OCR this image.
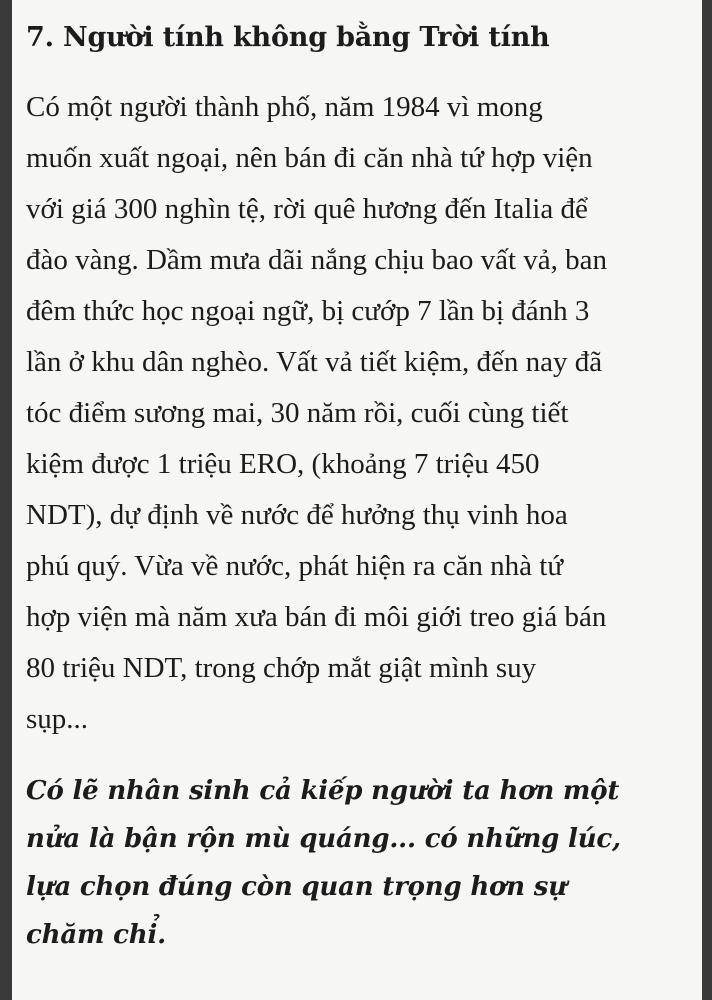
7. Người tính không bằng Trời tính
Có một người thành phố, năm 1984 vì mong
muốn xuất ngoại, nên bán đi căn nhà tứ hợp viện
với giá 300 nghìn tệ, rời quê hương đến Italia để
đào vàng. Dầm mưa dãi nắng chịu bao vất vả, ban
đêm thức học ngoại ngữ, bị cướp 7 lần bị đánh 3
lần ở khu dân nghèo. Vất vả tiết kiệm, đến nay đã
tóc điểm sương mai, 30 năm rồi, cuối cùng tiết
kiệm được 1 triệu ERO, (khoảng 7 triệu 450
NDT), dự định về nước để hưởng thụ vinh hoa
phú quý. Vừa về nước, phát hiện ra căn nhà tứ
hợp viện mà năm xưa bán đi môi giới treo giá bán
80 triệu NDT, trong chớp mắt giật mình suy
sụp...
Có lẽ nhân sinh cả kiếp người ta hơn một
nửa là bận rộn mù quáng... có những lúc,
lựa chọn đúng còn quan trọng hơn sự
chăm chỉ.
